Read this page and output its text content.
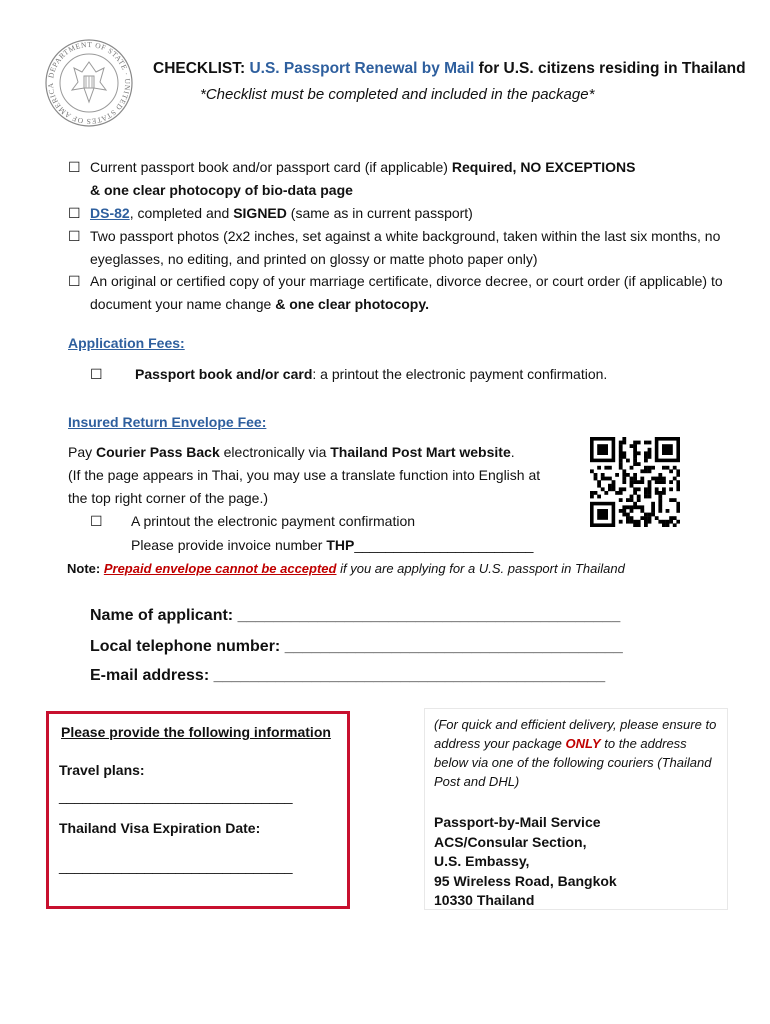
DEPARTMENT OF STATE · UNITED STATES OF AMERICA
CHECKLIST: U.S. Passport Renewal by Mail for U.S. citizens residing in Thailand
*Checklist must be completed and included in the package*
☐ Current passport book and/or passport card (if applicable) Required, NO EXCEPTIONS
& one clear photocopy of bio-data page
☐ DS-82, completed and SIGNED (same as in current passport)
☐ Two passport photos (2x2 inches, set against a white background, taken within the last six months, no eyeglasses, no editing, and printed on glossy or matte photo paper only)
☐ An original or certified copy of your marriage certificate, divorce decree, or court order (if applicable) to document your name change & one clear photocopy.
Application Fees:
☐ Passport book and/or card: a printout the electronic payment confirmation.
Insured Return Envelope Fee:
Pay Courier Pass Back electronically via Thailand Post Mart website.
(If the page appears in Thai, you may use a translate function into English at
the top right corner of the page.)
☐ A printout the electronic payment confirmation
Please provide invoice number THP_______________________
Note: Prepaid envelope cannot be accepted if you are applying for a U.S. passport in Thailand
Name of applicant: ___________________________________________
Local telephone number: ______________________________________
E-mail address: ____________________________________________
Please provide the following information
Travel plans:
______________________________
Thailand Visa Expiration Date:
______________________________
(For quick and efficient delivery, please ensure to address your package ONLY to the address below via one of the following couriers (Thailand Post and DHL)
Passport-by-Mail Service
ACS/Consular Section,
U.S. Embassy,
95 Wireless Road, Bangkok
10330 Thailand
